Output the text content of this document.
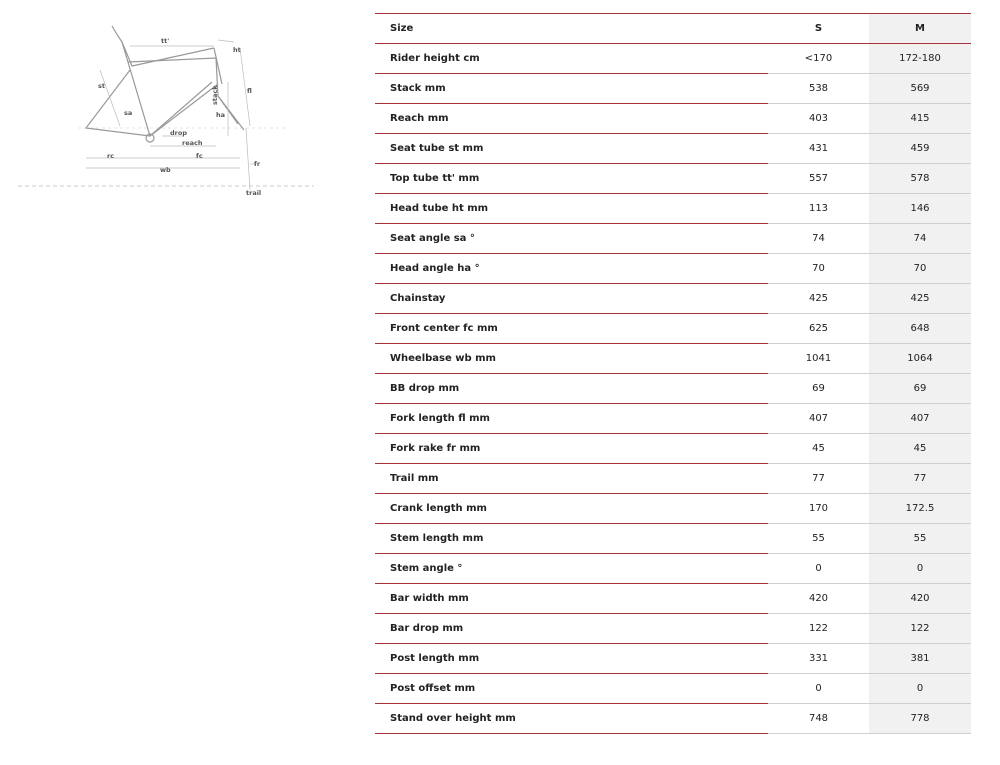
tt'
ht
st	stack	fl
sa	ha
drop
reach
rc	fc
wb
fr
trail
Size	S	M
Rider height cm	<170	172-180
Stack mm	538	569
Reach mm	403	415
Seat tube st mm	431	459
Top tube tt' mm	557	578
Head tube ht mm	113	146
Seat angle sa °	74	74
Head angle ha °	70	70
Chainstay	425	425
Front center fc mm	625	648
Wheelbase wb mm	1041	1064
BB drop mm	69	69
Fork length fl mm	407	407
Fork rake fr mm	45	45
Trail mm	77	77
Crank length mm	170	172.5
Stem length mm	55	55
Stem angle °	0	0
Bar width mm	420	420
Bar drop mm	122	122
Post length mm	331	381
Post offset mm	0	0
Stand over height mm	748	778
